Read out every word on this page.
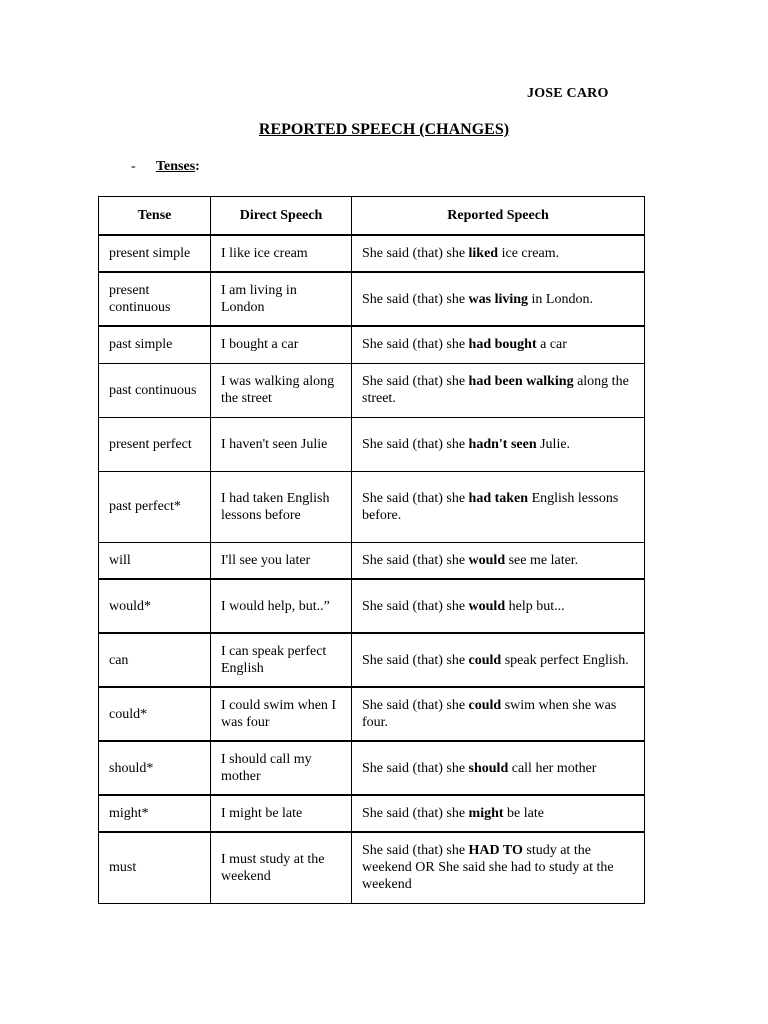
JOSE CARO
REPORTED SPEECH (CHANGES)
- Tenses:
Tense	Direct Speech	Reported Speech
present simple	I like ice cream	She said (that) she liked ice cream.
present continuous	I am living in London	She said (that) she was living in London.
past simple	I bought a car	She said (that) she had bought a car
past continuous	I was walking along the street	She said (that) she had been walking along the street.
present perfect	I haven't seen Julie	She said (that) she hadn't seen Julie.
past perfect*	I had taken English lessons before	She said (that) she had taken English lessons before.
will	I'll see you later	She said (that) she would see me later.
would*	I would help, but..”	She said (that) she would help but...
can	I can speak perfect English	She said (that) she could speak perfect English.
could*	I could swim when I was four	She said (that) she could swim when she was four.
should*	I should call my mother	She said (that) she should call her mother
might*	I might be late	She said (that) she might be late
must	I must study at the weekend	She said (that) she HAD TO study at the weekend OR She said she had to study at the weekend
